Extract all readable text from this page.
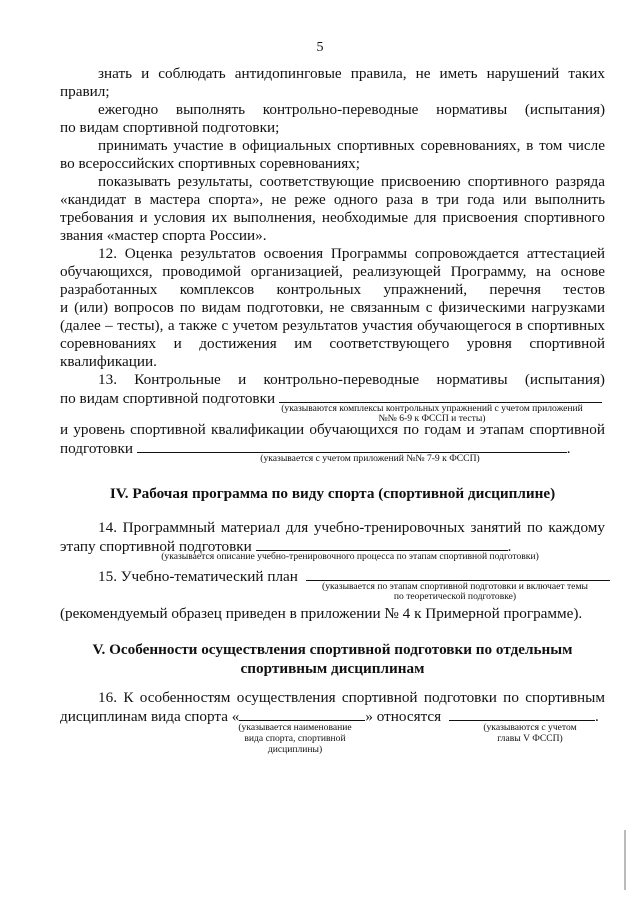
5
знать и соблюдать антидопинговые правила, не иметь нарушений таких
правил;
ежегодно выполнять контрольно-переводные нормативы (испытания)
по видам спортивной подготовки;
принимать участие в официальных спортивных соревнованиях, в том числе
во всероссийских спортивных соревнованиях;
показывать результаты, соответствующие присвоению спортивного разряда
«кандидат в мастера спорта», не реже одного раза в три года или выполнить
требования и условия их выполнения, необходимые для присвоения спортивного
звания «мастер спорта России».
12. Оценка результатов освоения Программы сопровождается аттестацией
обучающихся, проводимой организацией, реализующей Программу, на основе
разработанных комплексов контрольных упражнений, перечня тестов
и (или) вопросов по видам подготовки, не связанным с физическими нагрузками
(далее – тесты), а также с учетом результатов участия обучающегося в спортивных
соревнованиях и достижения им соответствующего уровня спортивной
квалификации.
13. Контрольные и контрольно-переводные нормативы (испытания)
по видам спортивной подготовки
(указываются комплексы контрольных упражнений с учетом приложений
№№ 6-9 к ФССП и тесты)
и уровень спортивной квалификации обучающихся по годам и этапам спортивной
подготовки	.
(указывается с учетом приложений №№ 7-9 к ФССП)
IV. Рабочая программа по виду спорта (спортивной дисциплине)
14. Программный материал для учебно-тренировочных занятий по каждому
этапу спортивной подготовки	.
(указывается описание учебно-тренировочного процесса по этапам спортивной подготовки)
15. Учебно-тематический план
(указывается по этапам спортивной подготовки и включает темы
по теоретической подготовке)
(рекомендуемый образец приведен в приложении № 4 к Примерной программе).
V. Особенности осуществления спортивной подготовки по отдельным
спортивным дисциплинам
16. К особенностям осуществления спортивной подготовки по спортивным
дисциплинам вида спорта «	» относятся	.
(указывается наименование
вида спорта, спортивной
дисциплины)
(указываются с учетом
главы V ФССП)
